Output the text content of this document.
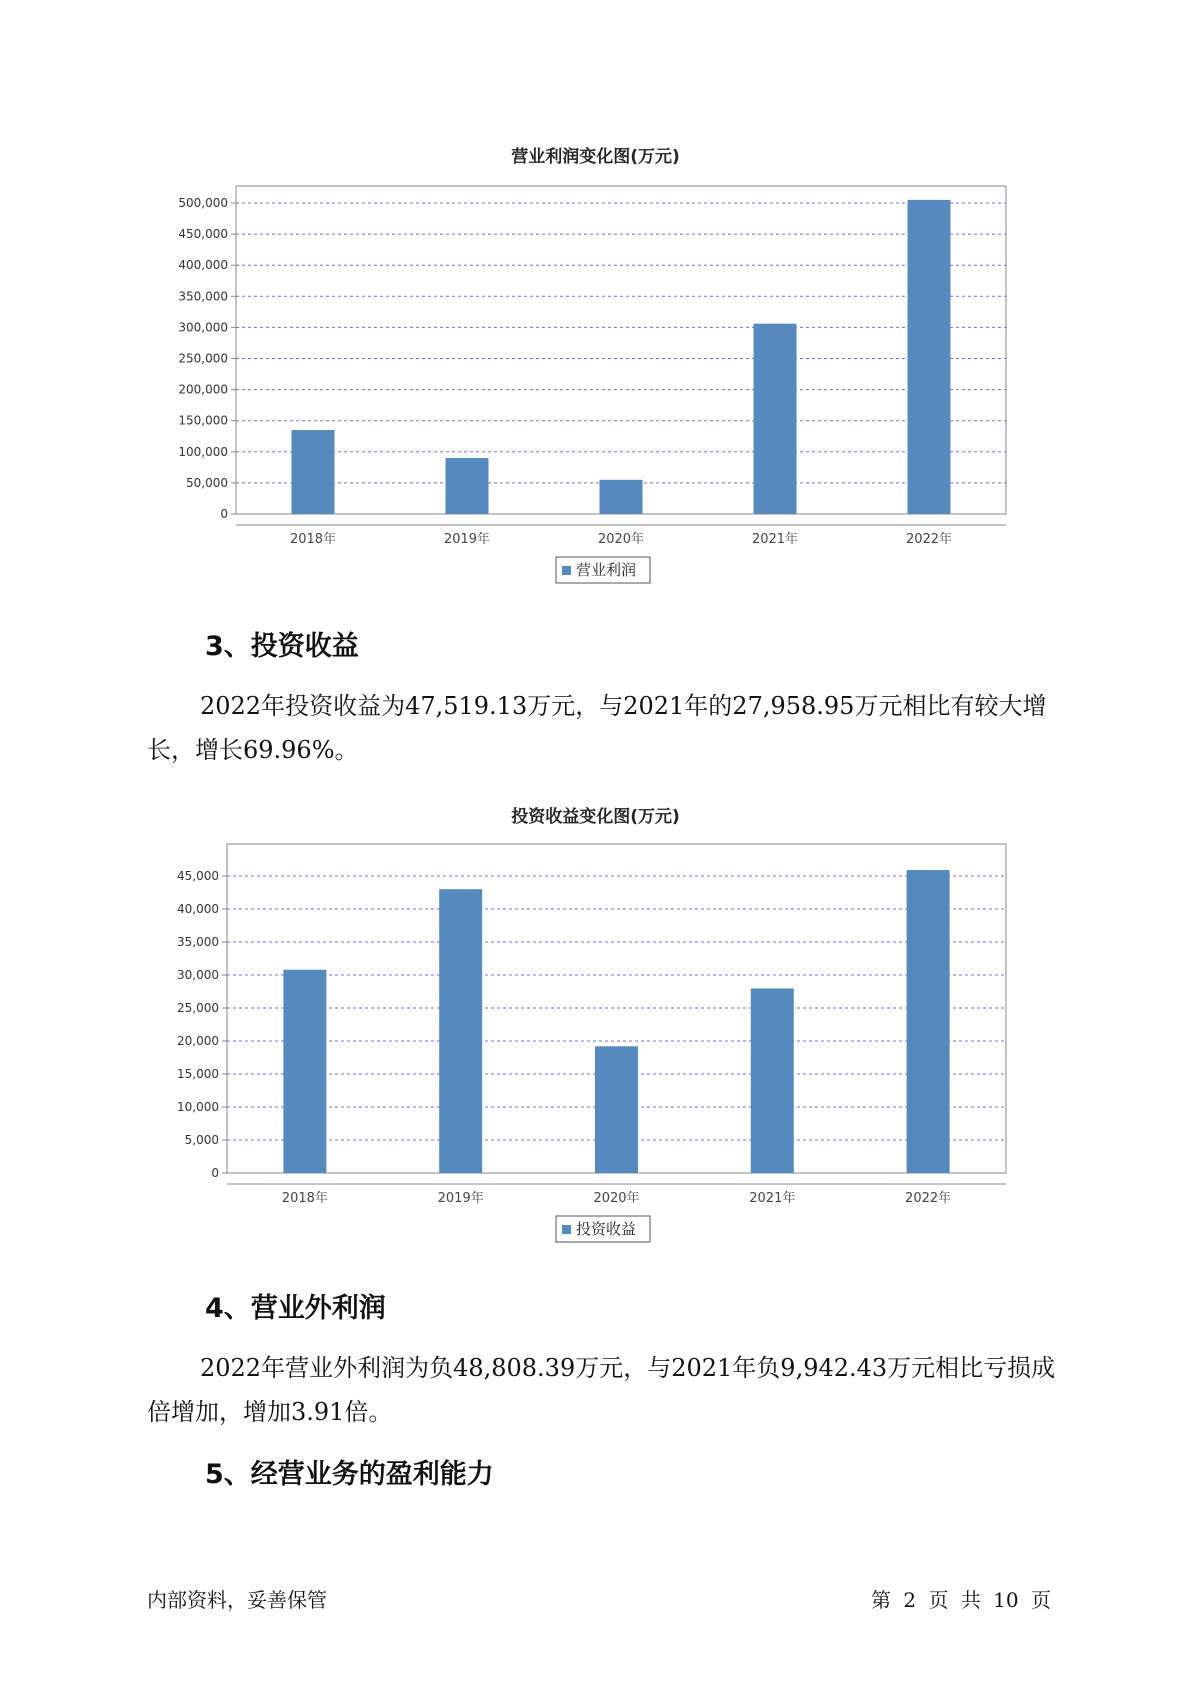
营业利润变化图(万元)
0
50,000
100,000
150,000
200,000
250,000
300,000
350,000
400,000
450,000
500,000
2018年	2019年	2020年	2021年	2022年
营业利润
3、投资收益

2022年投资收益为47,519.13万元，与2021年的27,958.95万元相比有较大增长，增长69.96%。

投资收益变化图(万元)
0
5,000
10,000
15,000
20,000
25,000
30,000
35,000
40,000
45,000
2018年	2019年	2020年	2021年	2022年
投资收益
4、营业外利润

2022年营业外利润为负48,808.39万元，与2021年负9,942.43万元相比亏损成倍增加，增加3.91倍。

5、经营业务的盈利能力
内部资料，妥善保管	第 2 页 共 10 页
